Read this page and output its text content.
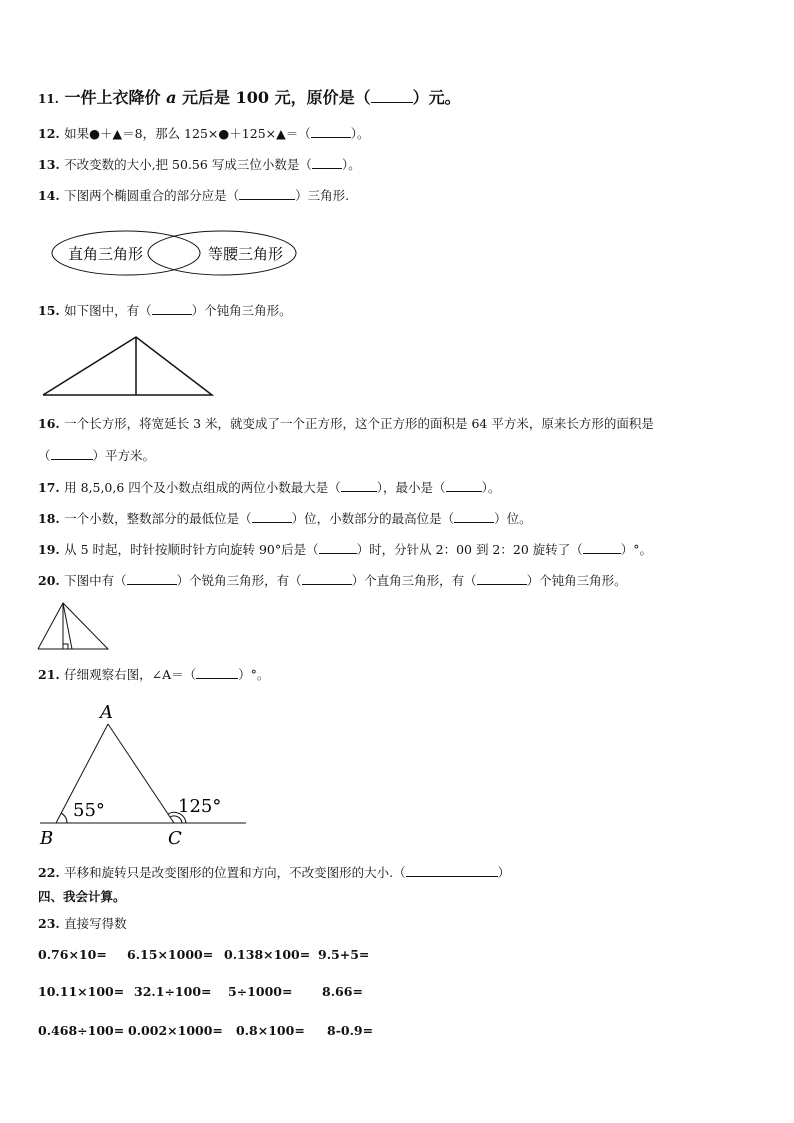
11. 一件上衣降价 a 元后是 100 元，原价是（	）元。
12. 如果●＋▲＝8，那么 125×●＋125×▲＝（	）。
13. 不改变数的大小,把 50.56 写成三位小数是（ ）。
14. 下图两个椭圆重合的部分应是（	）三角形.
直角三角形	等腰三角形
15. 如下图中，有（	）个钝角三角形。
16. 一个长方形，将宽延长 3 米，就变成了一个正方形，这个正方形的面积是 64 平方米，原来长方形的面积是
（	）平方米。
17. 用 8,5,0,6 四个及小数点组成的两位小数最大是（	），最小是（	）。
18. 一个小数，整数部分的最低位是（	）位，小数部分的最高位是（	）位。
19. 从 5 时起，时针按顺时针方向旋转 90°后是（	）时，分针从 2：00 到 2：20 旋转了（	）°。
20. 下图中有（	）个锐角三角形，有（	）个直角三角形，有（	）个钝角三角形。
21. 仔细观察右图，∠A＝（	）°。
A
B	C
55°	125°
22. 平移和旋转只是改变图形的位置和方向，不改变图形的大小.（	）
四、我会计算。
23. 直接写得数
0.76×10= 6.15×1000= 0.138×100= 9.5+5=
10.11×100= 32.1÷100= 5÷1000= 8.66=
0.468÷100= 0.002×1000= 0.8×100= 8-0.9=
